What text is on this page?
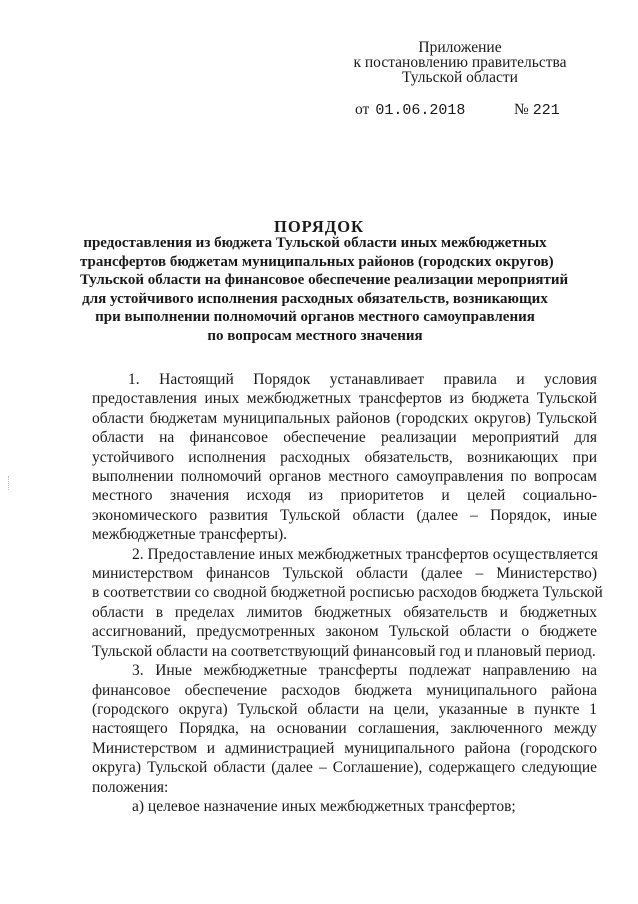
Приложение
к постановлению правительства
Тульской области
от 01.06.2018	№ 221
ПОРЯДОК
предоставления из бюджета Тульской области иных межбюджетных
трансфертов бюджетам муниципальных районов (городских округов)
Тульской области на финансовое обеспечение реализации мероприятий
для устойчивого исполнения расходных обязательств, возникающих
при выполнении полномочий органов местного самоуправления
по вопросам местного значения
1. Настоящий Порядок устанавливает правила и условия
предоставления иных межбюджетных трансфертов из бюджета Тульской
области бюджетам муниципальных районов (городских округов) Тульской
области на финансовое обеспечение реализации мероприятий для
устойчивого исполнения расходных обязательств, возникающих при
выполнении полномочий органов местного самоуправления по вопросам
местного значения исходя из приоритетов и целей социально-
экономического развития Тульской области (далее – Порядок, иные
межбюджетные трансферты).
2. Предоставление иных межбюджетных трансфертов осуществляется
министерством финансов Тульской области (далее – Министерство)
в соответствии со сводной бюджетной росписью расходов бюджета Тульской
области в пределах лимитов бюджетных обязательств и бюджетных
ассигнований, предусмотренных законом Тульской области о бюджете
Тульской области на соответствующий финансовый год и плановый период.
3. Иные межбюджетные трансферты подлежат направлению на
финансовое обеспечение расходов бюджета муниципального района
(городского округа) Тульской области на цели, указанные в пункте 1
настоящего Порядка, на основании соглашения, заключенного между
Министерством и администрацией муниципального района (городского
округа) Тульской области (далее – Соглашение), содержащего следующие
положения:
а) целевое назначение иных межбюджетных трансфертов;
